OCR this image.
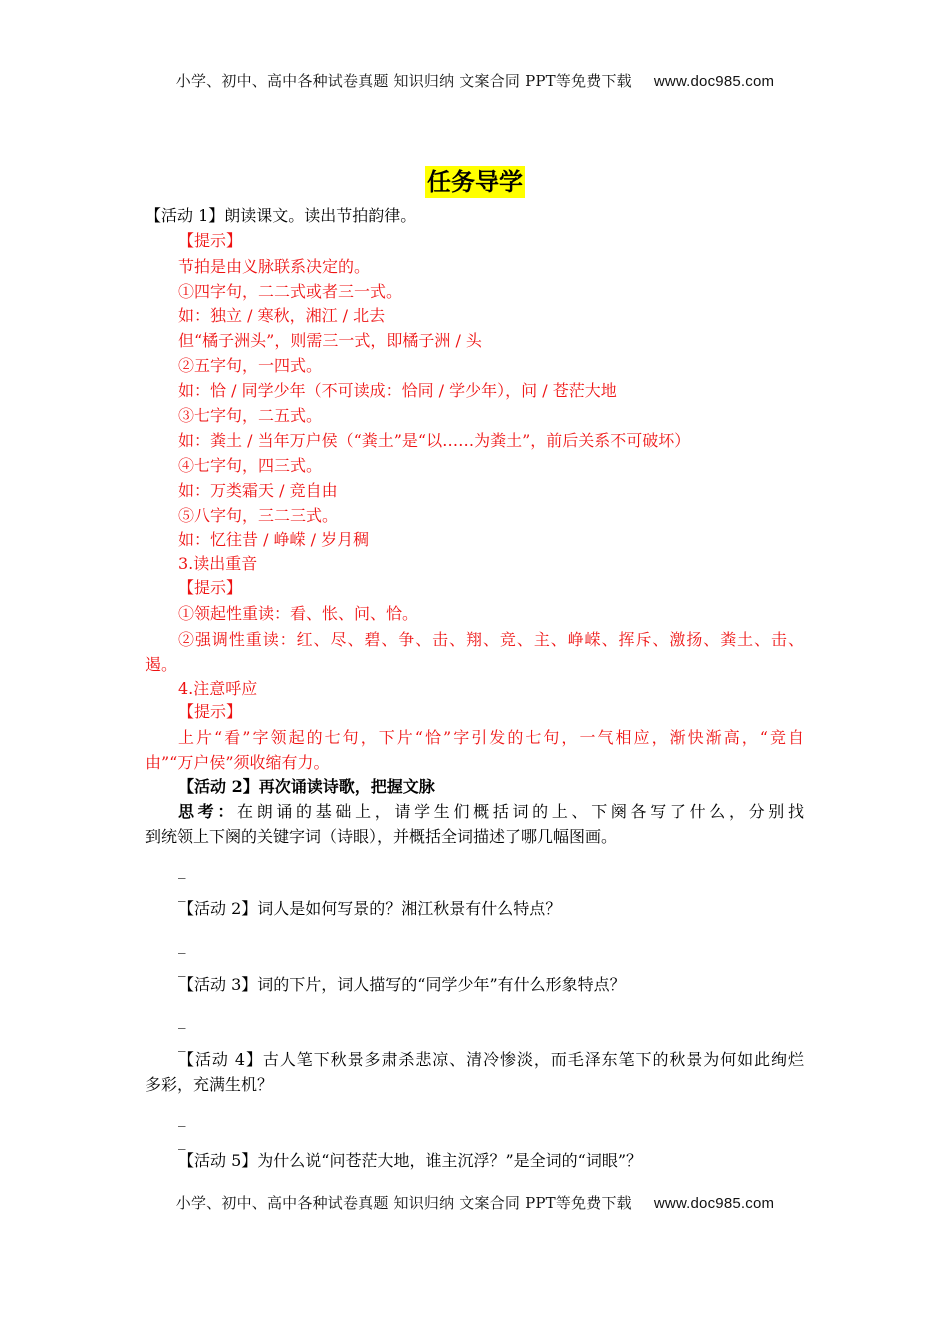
小学、初中、高中各种试卷真题 知识归纳 文案合同 PPT等免费下载 www.doc985.com
任务导学
【活动 1】朗读课文。读出节拍韵律。
【提示】
节拍是由义脉联系决定的。
①四字句，二二式或者三一式。
如：独立 / 寒秋，湘江 / 北去
但“橘子洲头”，则需三一式，即橘子洲 / 头
②五字句，一四式。
如：恰 / 同学少年（不可读成：恰同 / 学少年），问 / 苍茫大地
③七字句，二五式。
如：粪土 / 当年万户侯（“粪土”是“以……为粪土”，前后关系不可破坏）
④七字句，四三式。
如：万类霜天 / 竞自由
⑤八字句，三二三式。
如：忆往昔 / 峥嵘 / 岁月稠
3.读出重音
【提示】
①领起性重读：看、怅、问、恰。
②强调性重读：红、尽、碧、争、击、翔、竞、主、峥嵘、挥斥、激扬、粪土、击、
遏。
4.注意呼应
【提示】
上片“看”字领起的七句，下片“恰”字引发的七句，一气相应，渐快渐高，“竞自
由”“万户侯”须收缩有力。
【活动 2】再次诵读诗歌，把握文脉
思考：在朗诵的基础上，请学生们概括词的上、下阕各写了什么，分别找
到统领上下阕的关键字词（诗眼），并概括全词描述了哪几幅图画。
_
_
【活动 2】词人是如何写景的？湘江秋景有什么特点？
_
_
【活动 3】词的下片，词人描写的“同学少年”有什么形象特点？
_
_
【活动 4】古人笔下秋景多肃杀悲凉、清冷惨淡，而毛泽东笔下的秋景为何如此绚烂
多彩，充满生机？
_
_
【活动 5】为什么说“问苍茫大地，谁主沉浮？”是全词的“词眼”？
小学、初中、高中各种试卷真题 知识归纳 文案合同 PPT等免费下载 www.doc985.com
